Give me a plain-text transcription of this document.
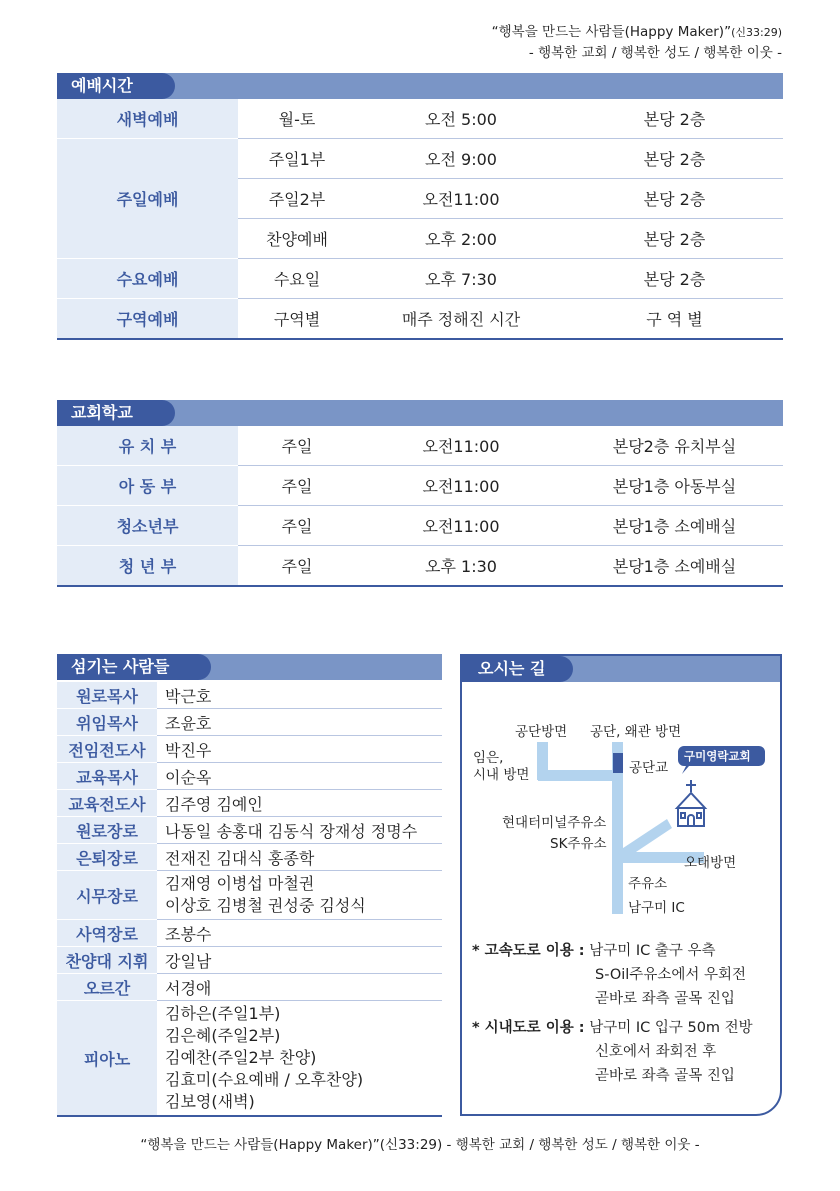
“행복을 만드는 사람들(Happy Maker)”(신33:29)
- 행복한 교회 / 행복한 성도 / 행복한 이웃 -
예배시간
새벽예배	월-토	오전 5:00	본당 2층
주일예배	주일1부	오전 9:00	본당 2층
	주일2부	오전11:00	본당 2층
	찬양예배	오후 2:00	본당 2층
수요예배	수요일	오후 7:30	본당 2층
구역예배	구역별	매주 정해진 시간	구 역 별
교회학교
유 치 부	주일	오전11:00	본당2층 유치부실
아 동 부	주일	오전11:00	본당1층 아동부실
청소년부	주일	오전11:00	본당1층 소예배실
청 년 부	주일	오후 1:30	본당1층 소예배실
섬기는 사람들
원로목사	박근호
위임목사	조윤호
전임전도사	박진우
교육목사	이순옥
교육전도사	김주영 김예인
원로장로	나동일 송홍대 김동식 장재성 정명수
은퇴장로	전재진 김대식 홍종학
시무장로	김재영 이병섭 마철권
이상호 김병철 권성중 김성식

사역장로	조봉수
찬양대 지휘	강일남
오르간	서경애
피아노	김하은(주일1부)
김은혜(주일2부)
김예찬(주일2부 찬양)
김효미(수요예배 / 오후찬양)
김보영(새벽)
오시는 길
공단방면 공단, 왜관 방면
임은,
시내 방면	공단교
구미영락교회
현대터미널주유소
SK주유소
오태방면
주유소
남구미 IC
* 고속도로 이용 : 남구미 IC 출구 우측
S-Oil주유소에서 우회전
곧바로 좌측 골목 진입
* 시내도로 이용 : 남구미 IC 입구 50m 전방
신호에서 좌회전 후
곧바로 좌측 골목 진입
“행복을 만드는 사람들(Happy Maker)”(신33:29) - 행복한 교회 / 행복한 성도 / 행복한 이웃 -
